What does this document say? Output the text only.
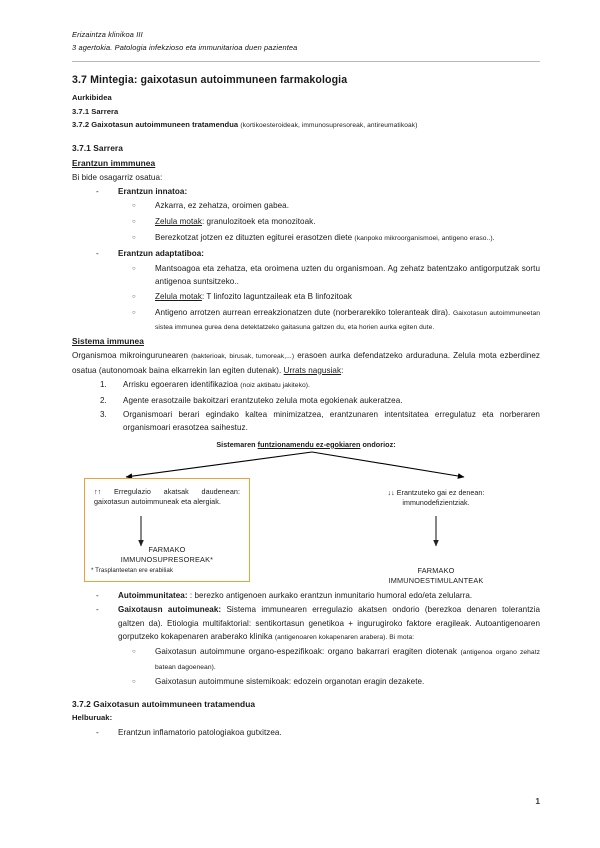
Erizaintza klinikoa III
3 agertokia. Patologia infekzioso eta immunitarioa duen pazientea
3.7 Mintegia: gaixotasun autoimmuneen farmakologia
Aurkibidea
3.7.1 Sarrera
3.7.2 Gaixotasun autoimmuneen tratamendua (kortikoesteroideak, immunosupresoreak, antireumatikoak)
3.7.1 Sarrera
Erantzun immmunea
Bi bide osagarriz osatua:
-	Erantzun innatoa:
○	Azkarra, ez zehatza, oroimen gabea.
○	Zelula motak: granulozitoek eta monozitoak.
○	Berezkotzat jotzen ez dituzten egiturei erasotzen diete (kanpoko mikroorganismoei, antigeno eraso..).
-	Erantzun adaptatiboa:
○	Mantsoagoa eta zehatza, eta oroimena uzten du organismoan. Ag zehatz batentzako antigorputzak sortu antigenoa suntsitzeko..
○	Zelula motak: T linfozito laguntzaileak eta B linfozitoak
○	Antigeno arrotzen aurrean erreakzionatzen dute (norberarekiko toleranteak dira). Gaixotasun autoimmuneetan sistea immunea gurea dena detektatzeko gaitasuna galtzen du, eta horien aurka egiten dute.
Sistema immunea
Organismoa mikroingurunearen (bakterioak, birusak, tumoreak,...) erasoen aurka defendatzeko arduraduna. Zelula mota ezberdinez osatua (autonomoak baina elkarrekin lan egiten dutenak). Urrats nagusiak:
1.	Arrisku egoeraren identifikazioa (noiz aktibatu jakiteko).
2.	Agente erasotzaile bakoitzari erantzuteko zelula mota egokienak aukeratzea.
3.	Organismoari berari egindako kaltea minimizatzea, erantzunaren intentsitatea erregulatuz eta norberaren organismoari erasotzea saihestuz.
Sistemaren funtzionamendu ez-egokiaren ondorioz:
↑↑ Erregulazio akatsak daudenean: gaixotasun autoimmuneak eta alergiak.
FARMAKO
IMMUNOSUPRESOREAK*
* Trasplanteetan ere erabiliak
↓↓ Erantzuteko gai ez denean:
immunodefizientziak.
FARMAKO
IMMUNOESTIMULANTEAK
-	Autoimmunitatea: : berezko antigenoen aurkako erantzun inmunitario humoral edo/eta zelularra.
-	Gaixotausn autoimuneak: Sistema immunearen erregulazio akatsen ondorio (berezkoa denaren tolerantzia galtzen da). Etiologia multifaktorial: sentikortasun genetikoa + ingurugiroko faktore eragileak. Autoantigenoaren gorputzeko kokapenaren araberako klinika (antigenoaren kokapenaren arabera). Bi mota:
○	Gaixotasun autoimmune organo-espezifikoak: organo bakarrari eragiten diotenak (antigenoa organo zehatz batean dagoenean).
○	Gaixotasun autoimmune sistemikoak: edozein organotan eragin dezakete.
3.7.2 Gaixotasun autoimmuneen tratamendua
Helburuak:
-	Erantzun inflamatorio patologiakoa gutxitzea.
1
